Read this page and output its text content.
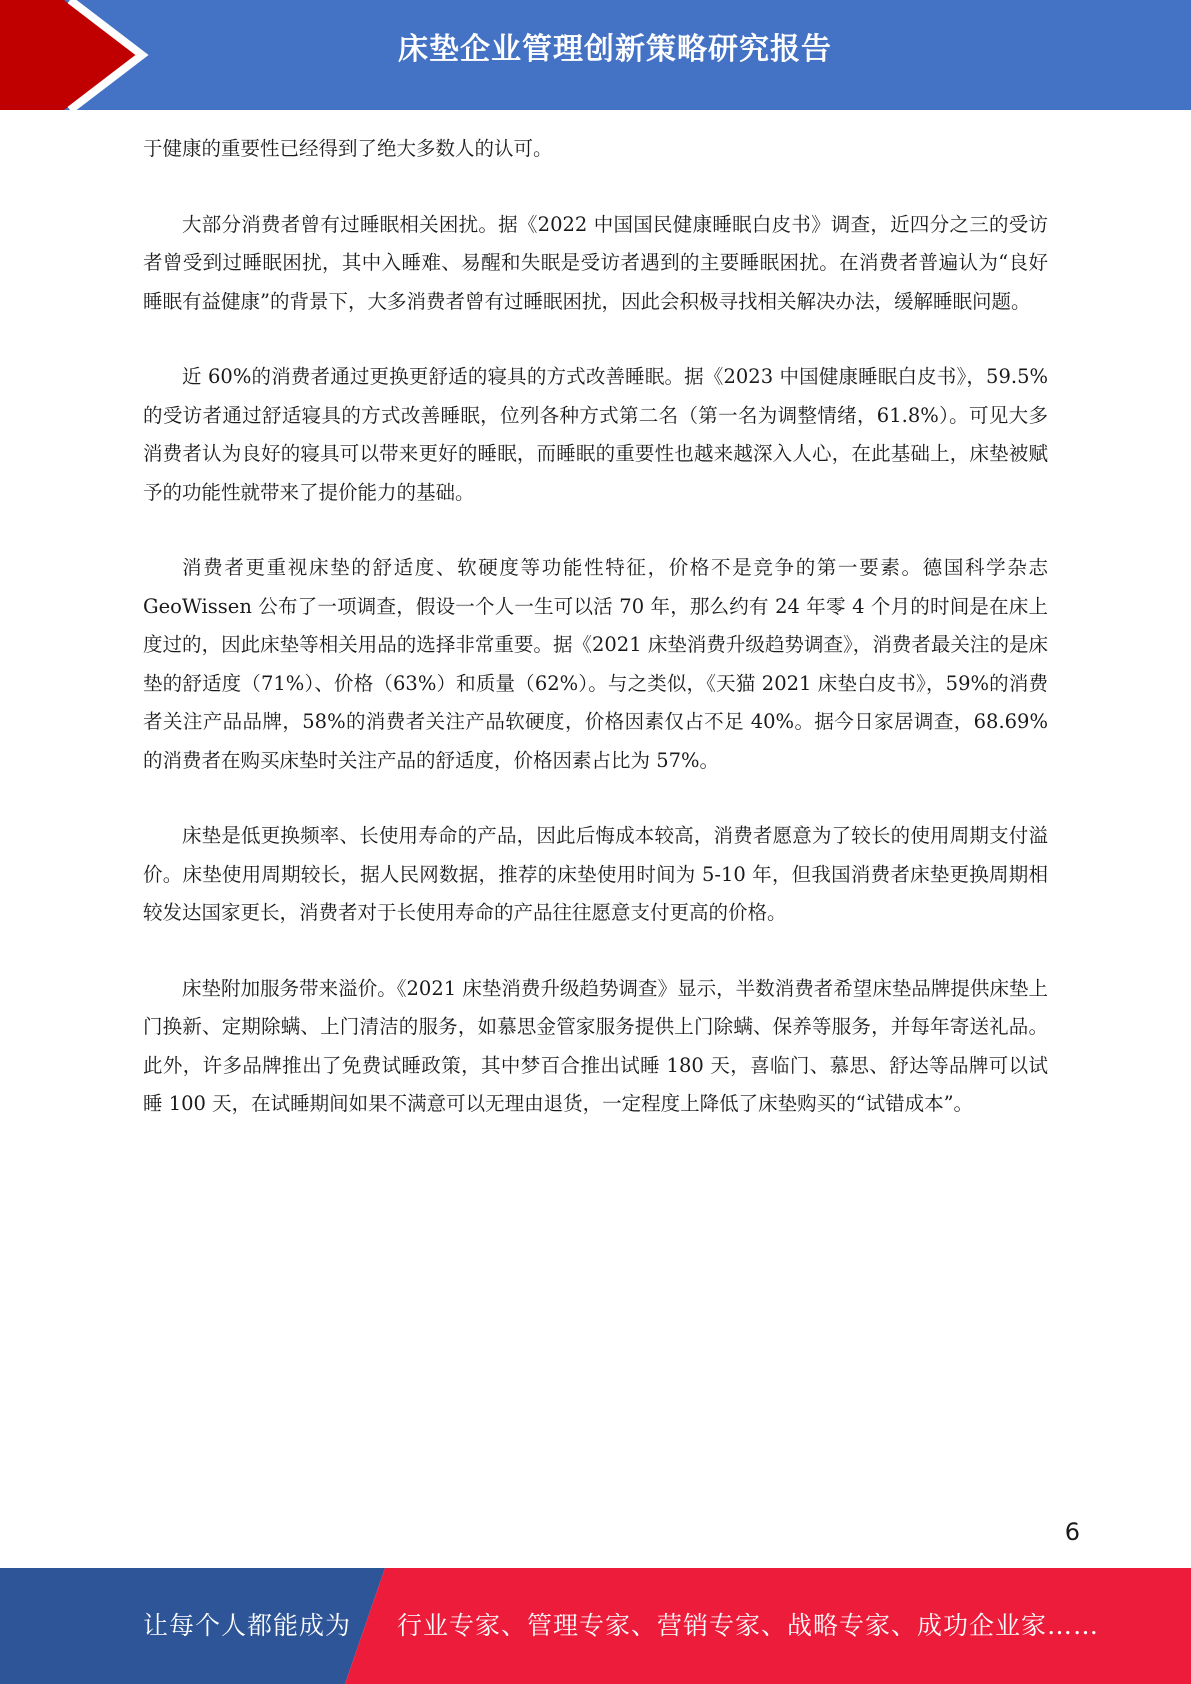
床垫企业管理创新策略研究报告

于健康的重要性已经得到了绝大多数人的认可。

大部分消费者曾有过睡眠相关困扰。据《2022 中国国民健康睡眠白皮书》调查，近四分之三的受访者曾受到过睡眠困扰，其中入睡难、易醒和失眠是受访者遇到的主要睡眠困扰。在消费者普遍认为“良好睡眠有益健康”的背景下，大多消费者曾有过睡眠困扰，因此会积极寻找相关解决办法，缓解睡眠问题。

近 60%的消费者通过更换更舒适的寝具的方式改善睡眠。据《2023 中国健康睡眠白皮书》，59.5%的受访者通过舒适寝具的方式改善睡眠，位列各种方式第二名（第一名为调整情绪，61.8%）。可见大多消费者认为良好的寝具可以带来更好的睡眠，而睡眠的重要性也越来越深入人心，在此基础上，床垫被赋予的功能性就带来了提价能力的基础。

消费者更重视床垫的舒适度、软硬度等功能性特征，价格不是竞争的第一要素。德国科学杂志GeoWissen 公布了一项调查，假设一个人一生可以活 70 年，那么约有 24 年零 4 个月的时间是在床上度过的，因此床垫等相关用品的选择非常重要。据《2021 床垫消费升级趋势调查》，消费者最关注的是床垫的舒适度（71%）、价格（63%）和质量（62%）。与之类似，《天猫 2021 床垫白皮书》，59%的消费者关注产品品牌，58%的消费者关注产品软硬度，价格因素仅占不足 40%。据今日家居调查，68.69%的消费者在购买床垫时关注产品的舒适度，价格因素占比为 57%。

床垫是低更换频率、长使用寿命的产品，因此后悔成本较高，消费者愿意为了较长的使用周期支付溢价。床垫使用周期较长，据人民网数据，推荐的床垫使用时间为 5-10 年，但我国消费者床垫更换周期相较发达国家更长，消费者对于长使用寿命的产品往往愿意支付更高的价格。

床垫附加服务带来溢价。《2021 床垫消费升级趋势调查》显示，半数消费者希望床垫品牌提供床垫上门换新、定期除螨、上门清洁的服务，如慕思金管家服务提供上门除螨、保养等服务，并每年寄送礼品。此外，许多品牌推出了免费试睡政策，其中梦百合推出试睡 180 天，喜临门、慕思、舒达等品牌可以试睡 100 天，在试睡期间如果不满意可以无理由退货，一定程度上降低了床垫购买的“试错成本”。

6
让每个人都能成为 行业专家、管理专家、营销专家、战略专家、成功企业家……
